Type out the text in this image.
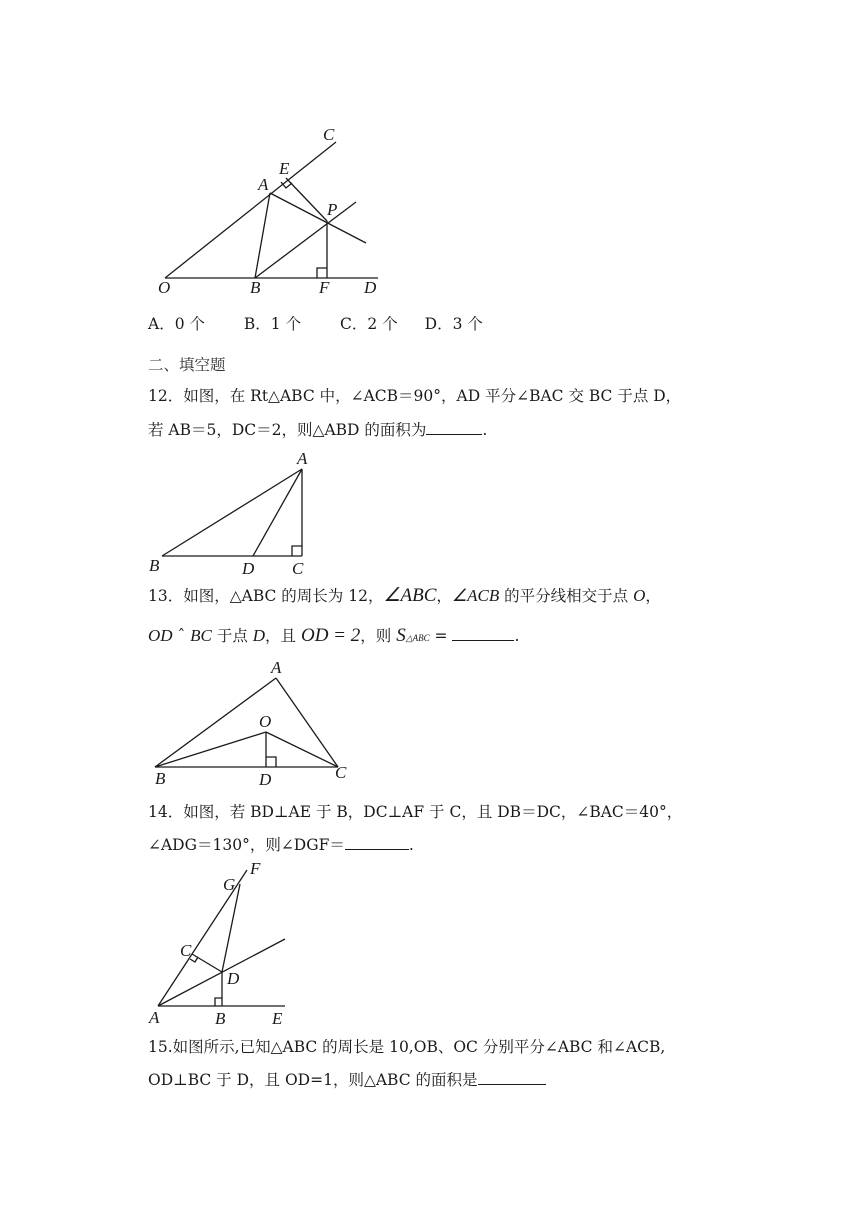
C
E
A
P
O	B	F D
A．0 个	B．1 个	C．2 个 D．3 个
二、填空题
12．如图，在 Rt△ABC 中，∠ACB＝90°，AD 平分∠BAC 交 BC 于点 D，
若 AB＝5，DC＝2，则△ABD 的面积为	.
A
B	D C
13．如图，△ABC 的周长为 12，∠ABC，∠ACB 的平分线相交于点 O，
OD ˆ BC 于点 D，且 OD = 2，则 S△ABC =	.
A
O
B	D	C
14．如图，若 BD⊥AE 于 B，DC⊥AF 于 C，且 DB＝DC，∠BAC＝40°，
∠ADG＝130°，则∠DGF＝	.
G
F
C
D
A	B	E
15.如图所示,已知△ABC 的周长是 10,OB、OC 分别平分∠ABC 和∠ACB,
OD⊥BC 于 D，且 OD=1，则△ABC 的面积是
